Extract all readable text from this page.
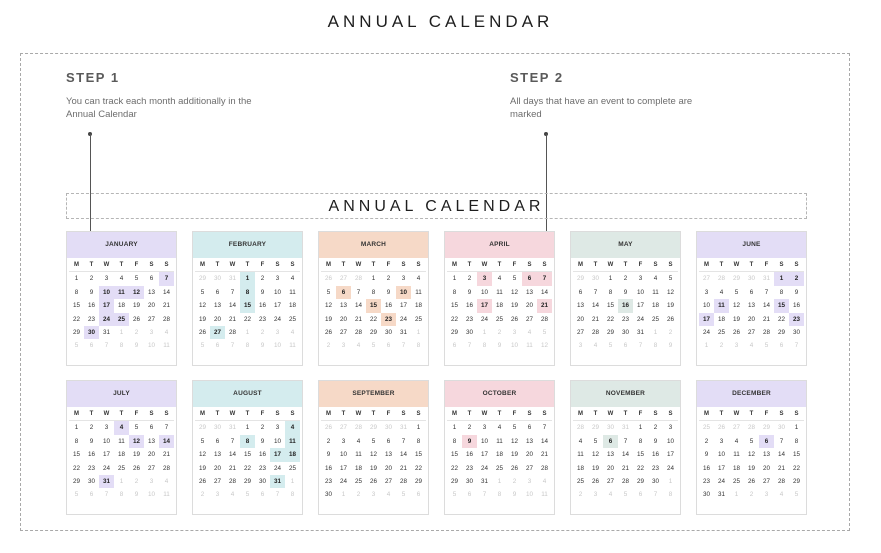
ANNUAL CALENDAR
STEP 1
You can track each month additionally in the Annual Calendar
STEP 2
All days that have an event to complete are marked
ANNUAL CALENDAR
JANUARY
M	T	W	T	F	S	S
1	2	3	4	5	6	7
8	9	10	11	12	13	14
15	16	17	18	19	20	21
22	23	24	25	26	27	28
29	30	31	1	2	3	4
5	6	7	8	9	10	11
FEBRUARY
M	T	W	T	F	S	S
29	30	31	1	2	3	4
5	6	7	8	9	10	11
12	13	14	15	16	17	18
19	20	21	22	23	24	25
26	27	28	1	2	3	4
5	6	7	8	9	10	11
MARCH
M	T	W	T	F	S	S
26	27	28	1	2	3	4
5	6	7	8	9	10	11
12	13	14	15	16	17	18
19	20	21	22	23	24	25
26	27	28	29	30	31	1
2	3	4	5	6	7	8
APRIL
M	T	W	T	F	S	S
1	2	3	4	5	6	7
8	9	10	11	12	13	14
15	16	17	18	19	20	21
22	23	24	25	26	27	28
29	30	1	2	3	4	5
6	7	8	9	10	11	12
MAY
M	T	W	T	F	S	S
29	30	1	2	3	4	5
6	7	8	9	10	11	12
13	14	15	16	17	18	19
20	21	22	23	24	25	26
27	28	29	30	31	1	2
3	4	5	6	7	8	9
JUNE
M	T	W	T	F	S	S
27	28	29	30	31	1	2
3	4	5	6	7	8	9
10	11	12	13	14	15	16
17	18	19	20	21	22	23
24	25	26	27	28	29	30
1	2	3	4	5	6	7
JULY
M	T	W	T	F	S	S
1	2	3	4	5	6	7
8	9	10	11	12	13	14
15	16	17	18	19	20	21
22	23	24	25	26	27	28
29	30	31	1	2	3	4
5	6	7	8	9	10	11
AUGUST
M	T	W	T	F	S	S
29	30	31	1	2	3	4
5	6	7	8	9	10	11
12	13	14	15	16	17	18
19	20	21	22	23	24	25
26	27	28	29	30	31	1
2	3	4	5	6	7	8
SEPTEMBER
M	T	W	T	F	S	S
26	27	28	29	30	31	1
2	3	4	5	6	7	8
9	10	11	12	13	14	15
16	17	18	19	20	21	22
23	24	25	26	27	28	29
30	1	2	3	4	5	6
OCTOBER
M	T	W	T	F	S	S
1	2	3	4	5	6	7
8	9	10	11	12	13	14
15	16	17	18	19	20	21
22	23	24	25	26	27	28
29	30	31	1	2	3	4
5	6	7	8	9	10	11
NOVEMBER
M	T	W	T	F	S	S
28	29	30	31	1	2	3
4	5	6	7	8	9	10
11	12	13	14	15	16	17
18	19	20	21	22	23	24
25	26	27	28	29	30	1
2	3	4	5	6	7	8
DECEMBER
M	T	W	T	F	S	S
25	26	27	28	29	30	1
2	3	4	5	6	7	8
9	10	11	12	13	14	15
16	17	18	19	20	21	22
23	24	25	26	27	28	29
30	31	1	2	3	4	5
